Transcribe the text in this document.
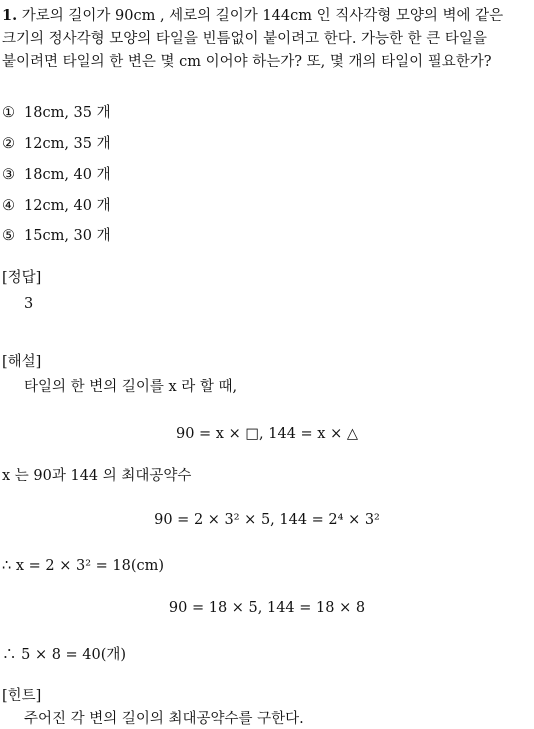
1. 가로의 길이가 90cm , 세로의 길이가 144cm 인 직사각형 모양의 벽에 같은
크기의 정사각형 모양의 타일을 빈틈없이 붙이려고 한다. 가능한 한 큰 타일을
붙이려면 타일의 한 변은 몇 cm 이어야 하는가? 또, 몇 개의 타일이 필요한가?
① 18cm, 35 개
② 12cm, 35 개
③ 18cm, 40 개
④ 12cm, 40 개
⑤ 15cm, 30 개
[정답]
3
[해설]
타일의 한 변의 길이를 x 라 할 때,
90 = x × □, 144 = x × △
x 는 90과 144 의 최대공약수
90 = 2 × 3² × 5, 144 = 2⁴ × 3²
∴ x = 2 × 3² = 18(cm)
90 = 18 × 5, 144 = 18 × 8
∴ 5 × 8 = 40(개)
[힌트]
주어진 각 변의 길이의 최대공약수를 구한다.
